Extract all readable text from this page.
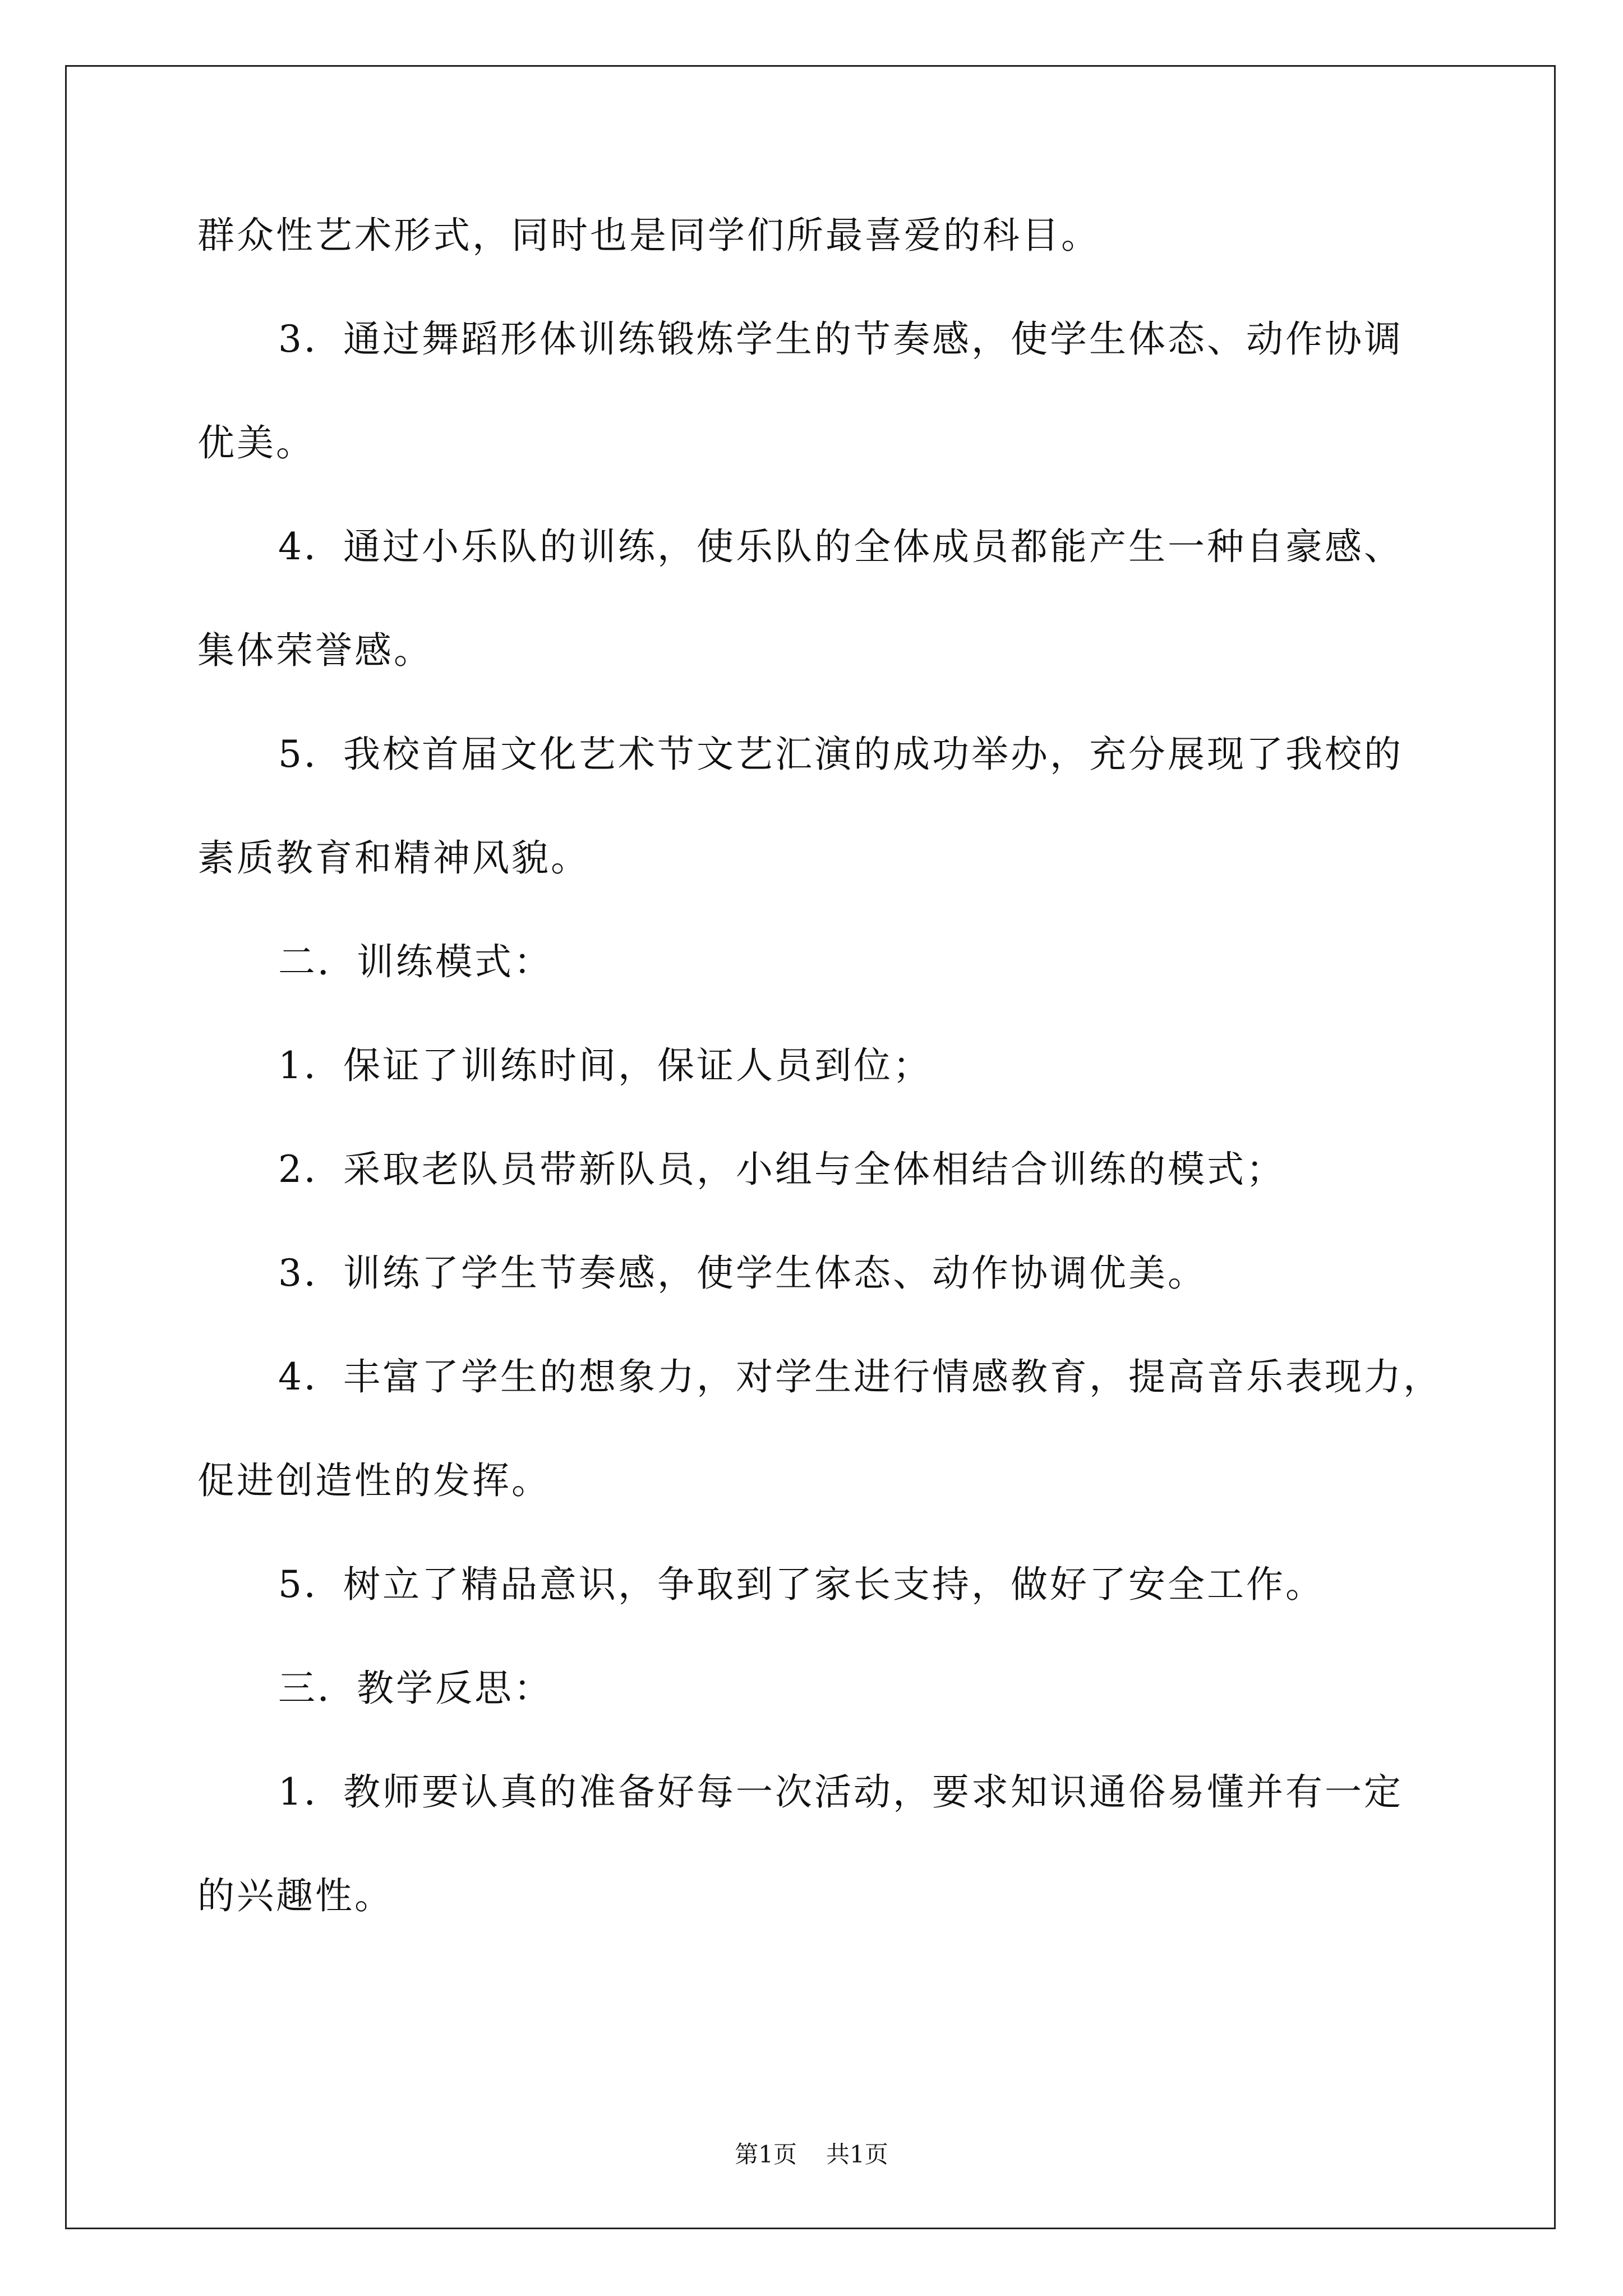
群众性艺术形式，同时也是同学们所最喜爱的科目。
3．通过舞蹈形体训练锻炼学生的节奏感，使学生体态、动作协调
优美。
4．通过小乐队的训练，使乐队的全体成员都能产生一种自豪感、
集体荣誉感。
5．我校首届文化艺术节文艺汇演的成功举办，充分展现了我校的
素质教育和精神风貌。
二．训练模式：
1．保证了训练时间，保证人员到位；
2．采取老队员带新队员，小组与全体相结合训练的模式；
3．训练了学生节奏感，使学生体态、动作协调优美。
4．丰富了学生的想象力，对学生进行情感教育，提高音乐表现力，
促进创造性的发挥。
5．树立了精品意识，争取到了家长支持，做好了安全工作。
三．教学反思：
1．教师要认真的准备好每一次活动，要求知识通俗易懂并有一定
的兴趣性。
第1页 共1页
